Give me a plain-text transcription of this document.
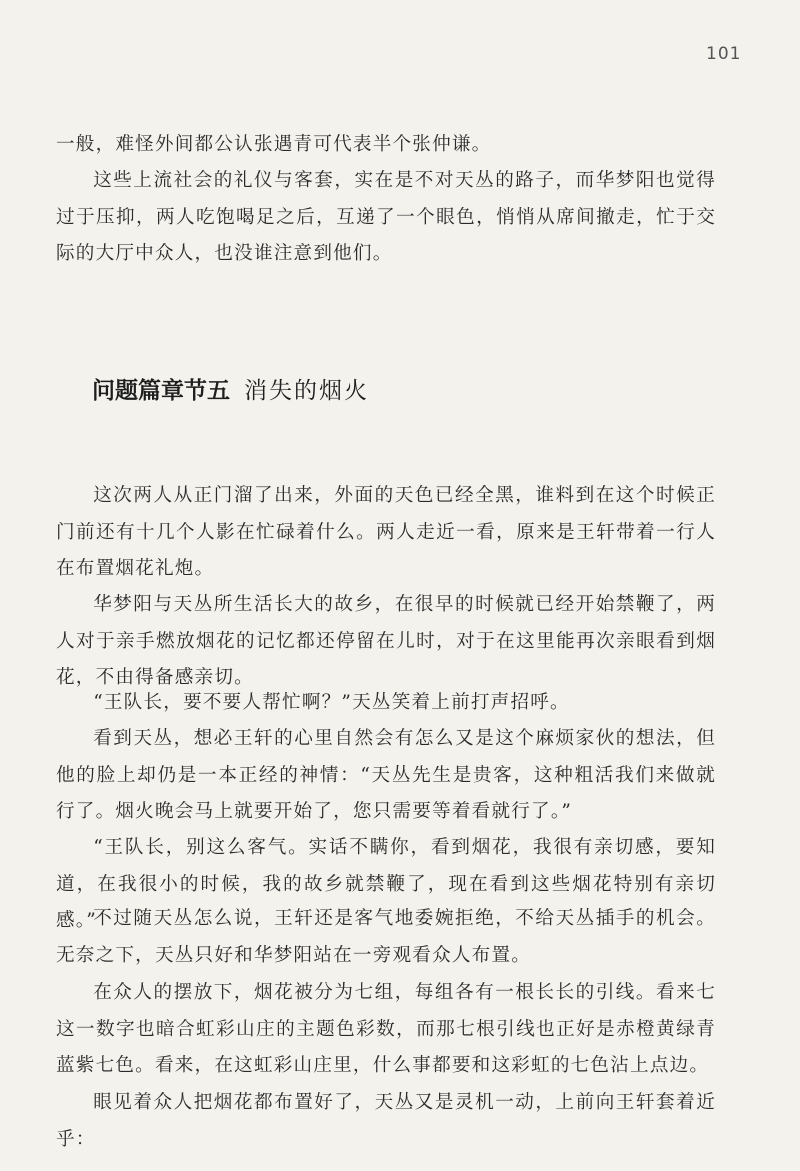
101

一般，难怪外间都公认张遇青可代表半个张仲谦。

这些上流社会的礼仪与客套，实在是不对天丛的路子，而华梦阳也觉得过于压抑，两人吃饱喝足之后，互递了一个眼色，悄悄从席间撤走，忙于交际的大厅中众人，也没谁注意到他们。

问题篇章节五 消失的烟火

这次两人从正门溜了出来，外面的天色已经全黑，谁料到在这个时候正门前还有十几个人影在忙碌着什么。两人走近一看，原来是王轩带着一行人在布置烟花礼炮。

华梦阳与天丛所生活长大的故乡，在很早的时候就已经开始禁鞭了，两人对于亲手燃放烟花的记忆都还停留在儿时，对于在这里能再次亲眼看到烟花，不由得备感亲切。

“王队长，要不要人帮忙啊？”天丛笑着上前打声招呼。

看到天丛，想必王轩的心里自然会有怎么又是这个麻烦家伙的想法，但他的脸上却仍是一本正经的神情：“天丛先生是贵客，这种粗活我们来做就行了。烟火晚会马上就要开始了，您只需要等着看就行了。”

“王队长，别这么客气。实话不瞒你，看到烟花，我很有亲切感，要知道，在我很小的时候，我的故乡就禁鞭了，现在看到这些烟花特别有亲切感。”

不过随天丛怎么说，王轩还是客气地委婉拒绝，不给天丛插手的机会。无奈之下，天丛只好和华梦阳站在一旁观看众人布置。

在众人的摆放下，烟花被分为七组，每组各有一根长长的引线。看来七这一数字也暗合虹彩山庄的主题色彩数，而那七根引线也正好是赤橙黄绿青蓝紫七色。看来，在这虹彩山庄里，什么事都要和这彩虹的七色沾上点边。

眼见着众人把烟花都布置好了，天丛又是灵机一动，上前向王轩套着近乎：
